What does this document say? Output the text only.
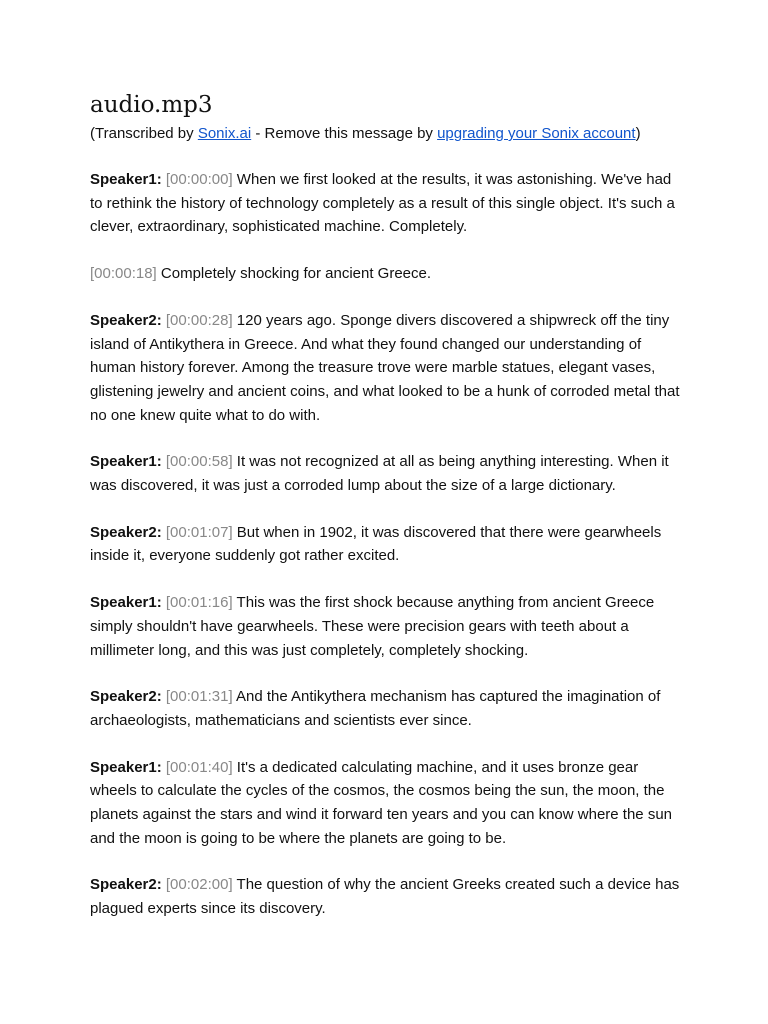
audio.mp3

(Transcribed by Sonix.ai - Remove this message by upgrading your Sonix account)

Speaker1: [00:00:00] When we first looked at the results, it was astonishing. We've had to rethink the history of technology completely as a result of this single object. It's such a clever, extraordinary, sophisticated machine. Completely.

[00:00:18] Completely shocking for ancient Greece.

Speaker2: [00:00:28] 120 years ago. Sponge divers discovered a shipwreck off the tiny island of Antikythera in Greece. And what they found changed our understanding of human history forever. Among the treasure trove were marble statues, elegant vases, glistening jewelry and ancient coins, and what looked to be a hunk of corroded metal that no one knew quite what to do with.

Speaker1: [00:00:58] It was not recognized at all as being anything interesting. When it was discovered, it was just a corroded lump about the size of a large dictionary.

Speaker2: [00:01:07] But when in 1902, it was discovered that there were gearwheels inside it, everyone suddenly got rather excited.

Speaker1: [00:01:16] This was the first shock because anything from ancient Greece simply shouldn't have gearwheels. These were precision gears with teeth about a millimeter long, and this was just completely, completely shocking.

Speaker2: [00:01:31] And the Antikythera mechanism has captured the imagination of archaeologists, mathematicians and scientists ever since.

Speaker1: [00:01:40] It's a dedicated calculating machine, and it uses bronze gear wheels to calculate the cycles of the cosmos, the cosmos being the sun, the moon, the planets against the stars and wind it forward ten years and you can know where the sun and the moon is going to be where the planets are going to be.

Speaker2: [00:02:00] The question of why the ancient Greeks created such a device has plagued experts since its discovery.
